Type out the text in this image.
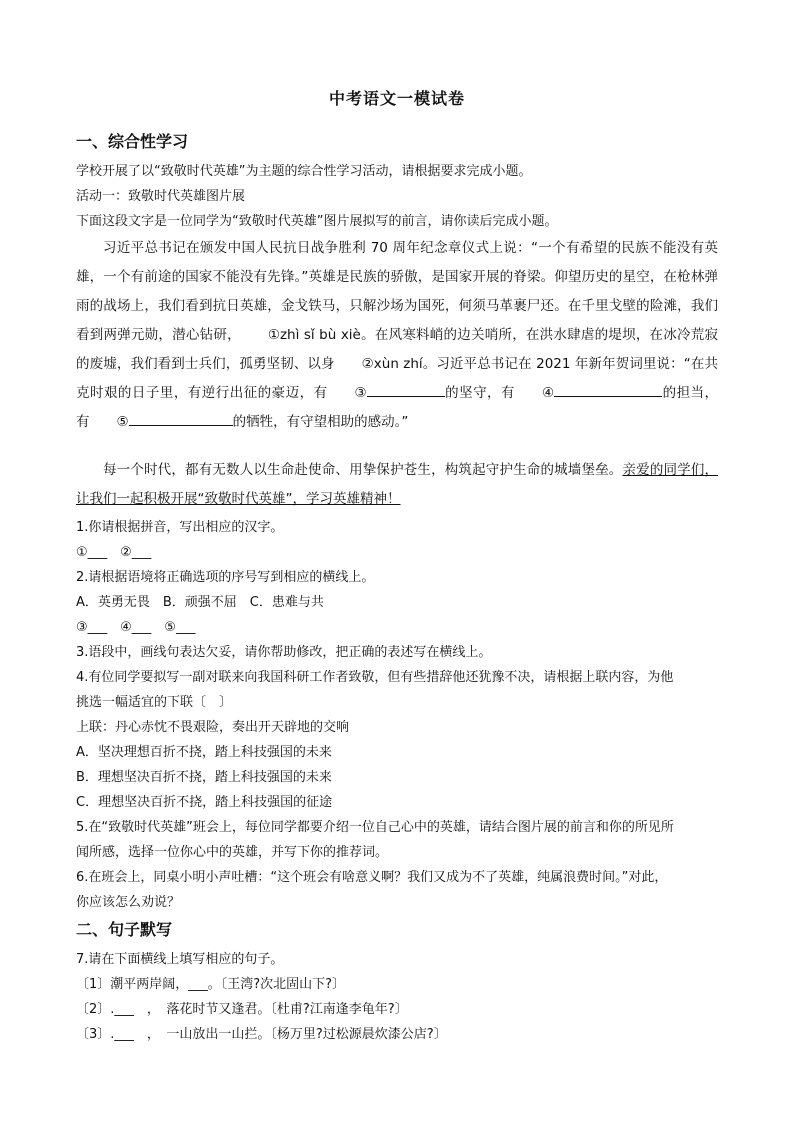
中考语文一模试卷
一、综合性学习
学校开展了以“致敬时代英雄”为主题的综合性学习活动，请根据要求完成小题。
活动一：致敬时代英雄图片展
下面这段文字是一位同学为“致敬时代英雄”图片展拟写的前言，请你读后完成小题。

习近平总书记在颁发中国人民抗日战争胜利 70 周年纪念章仪式上说：“一个有希望的民族不能没有英雄，一个有前途的国家不能没有先锋。”英雄是民族的骄傲，是国家开展的脊梁。仰望历史的星空，在枪林弹雨的战场上，我们看到抗日英雄，金戈铁马，只解沙场为国死，何须马革裹尸还。在千里戈壁的险滩，我们看到两弹元勋，潜心钻研， ①zhì sǐ bù xiè。在风寒料峭的边关哨所，在洪水肆虐的堤坝，在冰冷荒寂的废墟，我们看到士兵们，孤勇坚韧、以身 ②xùn zhí。习近平总书记在 2021 年新年贺词里说：“在共克时艰的日子里，有逆行出征的豪迈，有 ③	的坚守，有 ④	的担当，有 ⑤	的牺牲，有守望相助的感动。”

每一个时代，都有无数人以生命赴使命、用挚保护苍生，构筑起守护生命的城墙堡垒。亲爱的同学们，让我们一起积极开展“致敬时代英雄”，学习英雄精神！

1.你请根据拼音，写出相应的汉字。
①___　②___
2.请根据语境将正确选项的序号写到相应的横线上。
A．英勇无畏　B．顽强不屈　C．患难与共
③___　④___　⑤___
3.语段中，画线句表达欠妥，请你帮助修改，把正确的表述写在横线上。
4.有位同学要拟写一副对联来向我国科研工作者致敬，但有些措辞他还犹豫不决，请根据上联内容，为他
挑选一幅适宜的下联〔　〕
上联：丹心赤忱不畏艰险，奏出开天辟地的交响
A．坚决理想百折不挠，踏上科技强国的未来
B．理想坚决百折不挠，踏上科技强国的未来
C．理想坚决百折不挠，踏上科技强国的征途
5.在“致敬时代英雄”班会上，每位同学都要介绍一位自己心中的英雄，请结合图片展的前言和你的所见所
闻所感，选择一位你心中的英雄，并写下你的推荐词。
6.在班会上，同桌小明小声吐槽：“这个班会有啥意义啊？我们又成为不了英雄，纯属浪费时间。”对此，
你应该怎么劝说？
二、句子默写
7.请在下面横线上填写相应的句子。
〔1〕潮平两岸阔，___。〔王湾?次北固山下?〕
〔2〕.___　，　落花时节又逢君。〔杜甫?江南逢李龟年?〕
〔3〕.___　，　一山放出一山拦。〔杨万里?过松源晨炊漆公店?〕
